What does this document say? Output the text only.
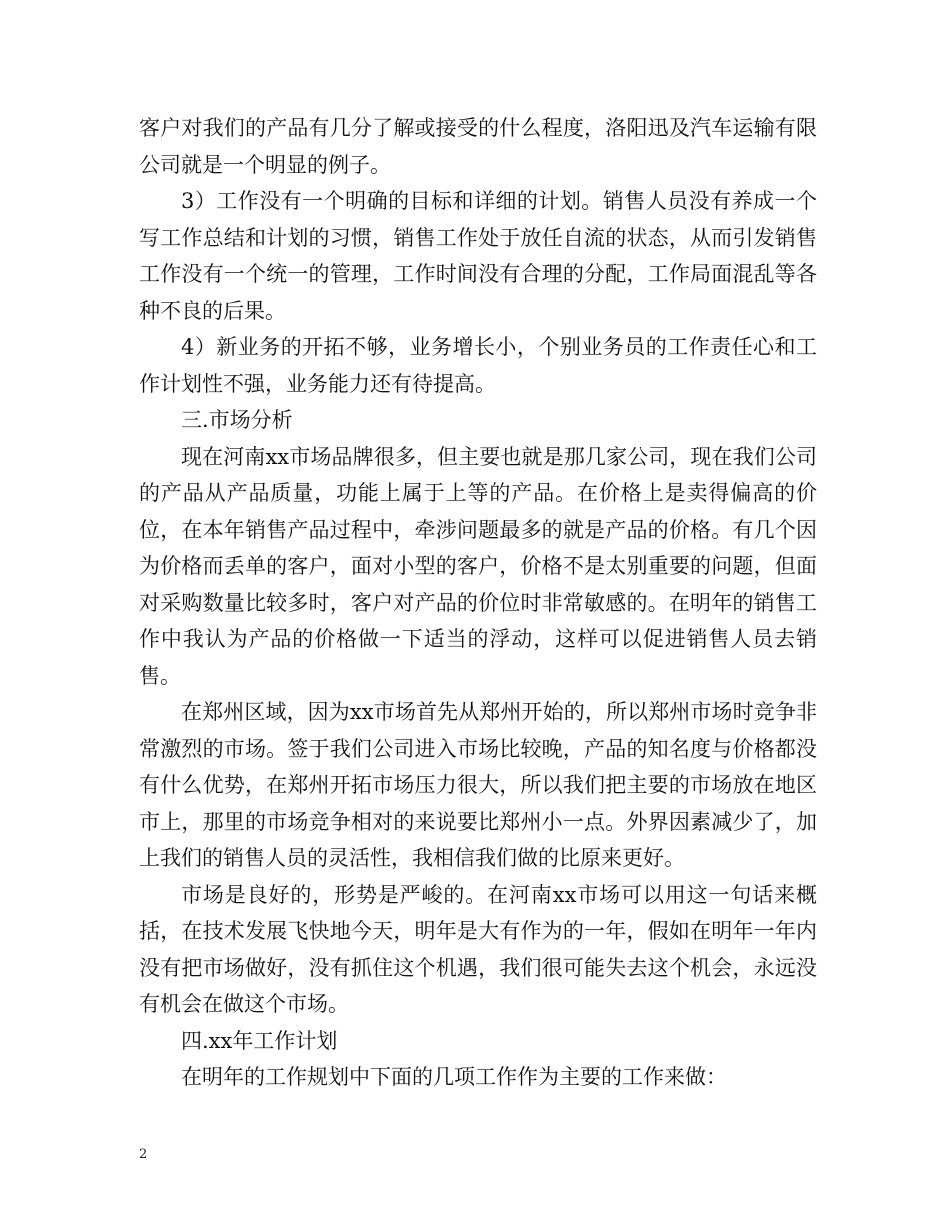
客户对我们的产品有几分了解或接受的什么程度，洛阳迅及汽车运输有限公司就是一个明显的例子。

3）工作没有一个明确的目标和详细的计划。销售人员没有养成一个写工作总结和计划的习惯，销售工作处于放任自流的状态，从而引发销售工作没有一个统一的管理，工作时间没有合理的分配，工作局面混乱等各种不良的后果。

4）新业务的开拓不够，业务增长小，个别业务员的工作责任心和工作计划性不强，业务能力还有待提高。

三.市场分析

现在河南xx市场品牌很多，但主要也就是那几家公司，现在我们公司的产品从产品质量，功能上属于上等的产品。在价格上是卖得偏高的价位，在本年销售产品过程中，牵涉问题最多的就是产品的价格。有几个因为价格而丢单的客户，面对小型的客户，价格不是太别重要的问题，但面对采购数量比较多时，客户对产品的价位时非常敏感的。在明年的销售工作中我认为产品的价格做一下适当的浮动，这样可以促进销售人员去销售。

在郑州区域，因为xx市场首先从郑州开始的，所以郑州市场时竞争非常激烈的市场。签于我们公司进入市场比较晚，产品的知名度与价格都没有什么优势，在郑州开拓市场压力很大，所以我们把主要的市场放在地区市上，那里的市场竞争相对的来说要比郑州小一点。外界因素减少了，加上我们的销售人员的灵活性，我相信我们做的比原来更好。

市场是良好的，形势是严峻的。在河南xx市场可以用这一句话来概括，在技术发展飞快地今天，明年是大有作为的一年，假如在明年一年内没有把市场做好，没有抓住这个机遇，我们很可能失去这个机会，永远没有机会在做这个市场。

四.xx年工作计划

在明年的工作规划中下面的几项工作作为主要的工作来做：

2
